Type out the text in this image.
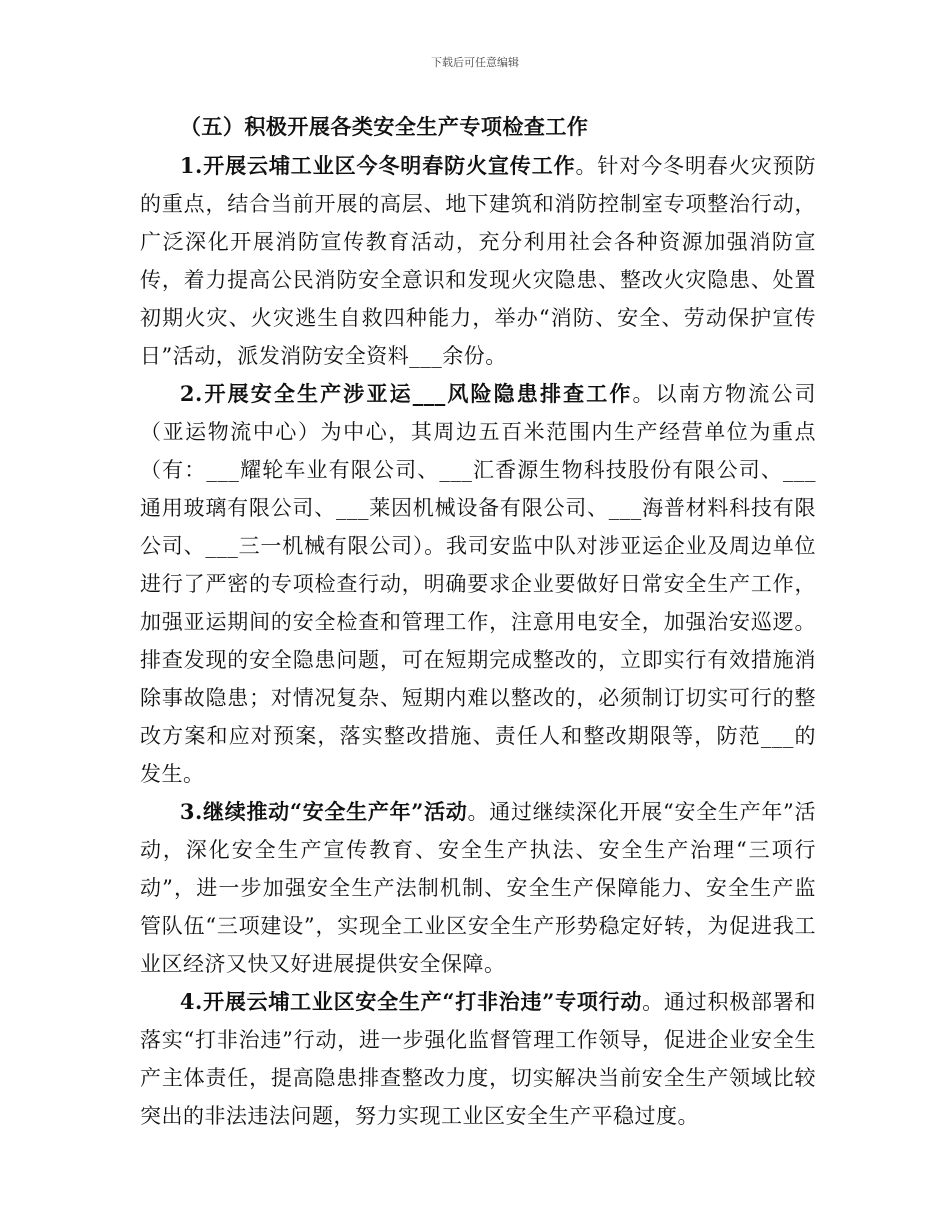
下载后可任意编辑

（五）积极开展各类安全生产专项检查工作

1.开展云埔工业区今冬明春防火宣传工作。针对今冬明春火灾预防的重点，结合当前开展的高层、地下建筑和消防控制室专项整治行动，广泛深化开展消防宣传教育活动，充分利用社会各种资源加强消防宣传，着力提高公民消防安全意识和发现火灾隐患、整改火灾隐患、处置初期火灾、火灾逃生自救四种能力，举办“消防、安全、劳动保护宣传日”活动，派发消防安全资料___余份。

2.开展安全生产涉亚运___风险隐患排查工作。以南方物流公司（亚运物流中心）为中心，其周边五百米范围内生产经营单位为重点（有：___耀轮车业有限公司、___汇香源生物科技股份有限公司、___通用玻璃有限公司、___莱因机械设备有限公司、___海普材料科技有限公司、___三一机械有限公司）。我司安监中队对涉亚运企业及周边单位进行了严密的专项检查行动，明确要求企业要做好日常安全生产工作，加强亚运期间的安全检查和管理工作，注意用电安全，加强治安巡逻。排查发现的安全隐患问题，可在短期完成整改的，立即实行有效措施消除事故隐患；对情况复杂、短期内难以整改的，必须制订切实可行的整改方案和应对预案，落实整改措施、责任人和整改期限等，防范___的发生。

3.继续推动“安全生产年”活动。通过继续深化开展“安全生产年”活动，深化安全生产宣传教育、安全生产执法、安全生产治理“三项行动”，进一步加强安全生产法制机制、安全生产保障能力、安全生产监管队伍“三项建设”，实现全工业区安全生产形势稳定好转，为促进我工业区经济又快又好进展提供安全保障。

4.开展云埔工业区安全生产“打非治违”专项行动。通过积极部署和落实“打非治违”行动，进一步强化监督管理工作领导，促进企业安全生产主体责任，提高隐患排查整改力度，切实解决当前安全生产领域比较突出的非法违法问题，努力实现工业区安全生产平稳过度。
